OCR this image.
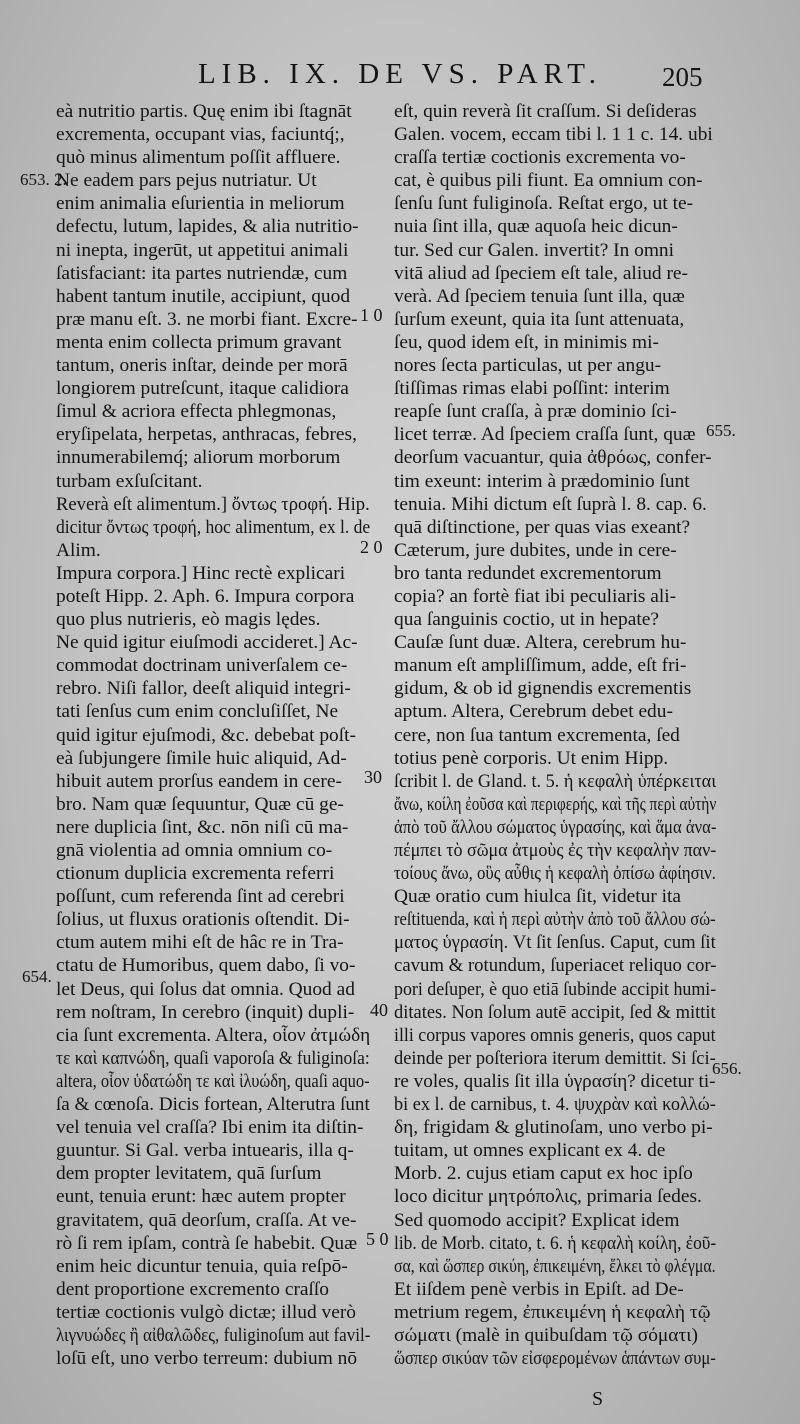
LIB. IX. DE VS. PART.	205
eà nutritio partis. Quę enim ibi ſtagnāt
excrementa, occupant vias, faciuntq́;,
quò minus alimentum poſſit affluere.
Ne eadem pars pejus nutriatur. Ut
enim animalia eſurientia in meliorum
defectu, lutum, lapides, & alia nutritio-
ni inepta, ingerūt, ut appetitui animali
ſatisfaciant: ita partes nutriendæ, cum
habent tantum inutile, accipiunt, quod
præ manu eſt. 3. ne morbi fiant. Excre-
menta enim collecta primum gravant
tantum, oneris inſtar, deinde per morā
longiorem putreſcunt, itaque calidiora
ſimul & acriora effecta phlegmonas,
eryſipelata, herpetas, anthracas, febres,
innumerabilemq́; aliorum morborum
turbam exſuſcitant.
Reverà eſt alimentum.] ὄντως τροφή. Hip.
dicitur ὄντως τροφή, hoc alimentum, ex l. de
Alim.
Impura corpora.] Hinc rectè explicari
poteſt Hipp. 2. Aph. 6. Impura corpora
quo plus nutrieris, eò magis lędes.
Ne quid igitur eiuſmodi accideret.] Ac-
commodat doctrinam univerſalem ce-
rebro. Niſi fallor, deeſt aliquid integri-
tati ſenſus cum enim concluſiſſet, Ne
quid igitur ejuſmodi, &c. debebat poſt-
eà ſubjungere ſimile huic aliquid, Ad-
hibuit autem prorſus eandem in cere-
bro. Nam quæ ſequuntur, Quæ cū ge-
nere duplicia ſint, &c. nōn niſi cū ma-
gnā violentia ad omnia omnium co-
ctionum duplicia excrementa referri
poſſunt, cum referenda ſint ad cerebri
ſolius, ut fluxus orationis oſtendit. Di-
ctum autem mihi eſt de hâc re in Tra-
ctatu de Humoribus, quem dabo, ſi vo-
let Deus, qui ſolus dat omnia. Quod ad
rem noſtram, In cerebro (inquit) dupli-
cia ſunt excrementa. Altera, οἷον ἀτμώδη
τε καὶ καπνώδη, quaſi vaporoſa & fuliginoſa:
altera, οἷον ὑδατώδη τε καὶ ἰλυώδη, quaſi aquo-
ſa & cœnoſa. Dicis fortean, Alterutra ſunt
vel tenuia vel craſſa? Ibi enim ita diſtin-
guuntur. Si Gal. verba intuearis, illa q-
dem propter levitatem, quā ſurſum
eunt, tenuia erunt: hæc autem propter
gravitatem, quā deorſum, craſſa. At ve-
rò ſi rem ipſam, contrà ſe habebit. Quæ
enim heic dicuntur tenuia, quia reſpō-
dent proportione excremento craſſo
tertiæ coctionis vulgò dictæ; illud verò
λιγνυώδες ἢ αἰθαλῶδες, fuliginoſum aut favil-
loſū eſt, uno verbo terreum: dubium nō
eſt, quin reverà ſit craſſum. Si deſideras
Galen. vocem, eccam tibi l. 1 1 c. 14. ubi
craſſa tertiæ coctionis excrementa vo-
cat, è quibus pili fiunt. Ea omnium con-
ſenſu ſunt fuliginoſa. Reſtat ergo, ut te-
nuia ſint illa, quæ aquoſa heic dicun-
tur. Sed cur Galen. invertit? In omni
vitā aliud ad ſpeciem eſt tale, aliud re-
verà. Ad ſpeciem tenuia ſunt illa, quæ
ſurſum exeunt, quia ita ſunt attenuata,
ſeu, quod idem eſt, in minimis mi-
nores ſecta particulas, ut per angu-
ſtiſſimas rimas elabi poſſint: interim
reapſe ſunt craſſa, à præ dominio ſci-
licet terræ. Ad ſpeciem craſſa ſunt, quæ
deorſum vacuantur, quia ἀθρόως, confer-
tim exeunt: interim à prædominio ſunt
tenuia. Mihi dictum eſt ſuprà l. 8. cap. 6.
quā diſtinctione, per quas vias exeant?
Cæterum, jure dubites, unde in cere-
bro tanta redundet excrementorum
copia? an fortè fiat ibi peculiaris ali-
qua ſanguinis coctio, ut in hepate?
Cauſæ ſunt duæ. Altera, cerebrum hu-
manum eſt ampliſſimum, adde, eſt fri-
gidum, & ob id gignendis excrementis
aptum. Altera, Cerebrum debet edu-
cere, non ſua tantum excrementa, ſed
totius penè corporis. Ut enim Hipp.
ſcribit l. de Gland. t. 5. ἡ κεφαλὴ ὑπέρκειται
ἄνω, κοίλη ἐοῦσα καὶ περιφερής, καὶ τῆς περὶ αὐτὴν
ἀπὸ τοῦ ἄλλου σώματος ὑγρασίης, καὶ ἅμα ἀνα-
πέμπει τὸ σῶμα ἀτμοὺς ἐς τὴν κεφαλὴν παν-
τοίους ἄνω, οὓς αὖθις ἡ κεφαλὴ ὀπίσω ἀφίησιν.
Quæ oratio cum hiulca ſit, videtur ita
reſtituenda, καὶ ἡ περὶ αὐτὴν ἀπὸ τοῦ ἄλλου σώ-
ματος ὑγρασίη. Vt ſit ſenſus. Caput, cum ſit
cavum & rotundum, ſuperiacet reliquo cor-
pori deſuper, è quo etiā ſubinde accipit humi-
ditates. Non ſolum autē accipit, ſed & mittit
illi corpus vapores omnis generis, quos caput
deinde per poſteriora iterum demittit. Si ſci-
re voles, qualis ſit illa ὑγρασίη? dicetur ti-
bi ex l. de carnibus, t. 4. ψυχρὰν καὶ κολλώ-
δη, frigidam & glutinoſam, uno verbo pi-
tuitam, ut omnes explicant ex 4. de
Morb. 2. cujus etiam caput ex hoc ipſo
loco dicitur μητρόπολις, primaria ſedes.
Sed quomodo accipit? Explicat idem
lib. de Morb. citato, t. 6. ἡ κεφαλὴ κοίλη, ἐοῦ-
σα, καὶ ὥσπερ σικύη, ἐπικειμένη, ἕλκει τὸ φλέγμα.
Et iiſdem penè verbis in Epiſt. ad De-
metrium regem, ἐπικειμένη ἡ κεφαλὴ τῷ
σώματι (malè in quibuſdam τῷ σόματι)
ὥσπερ σικύαν τῶν εἰσφερομένων ἁπάντων συμ-
653. 2.
654.
655.
656.
1 0
2 0
30
40
5 0
S
